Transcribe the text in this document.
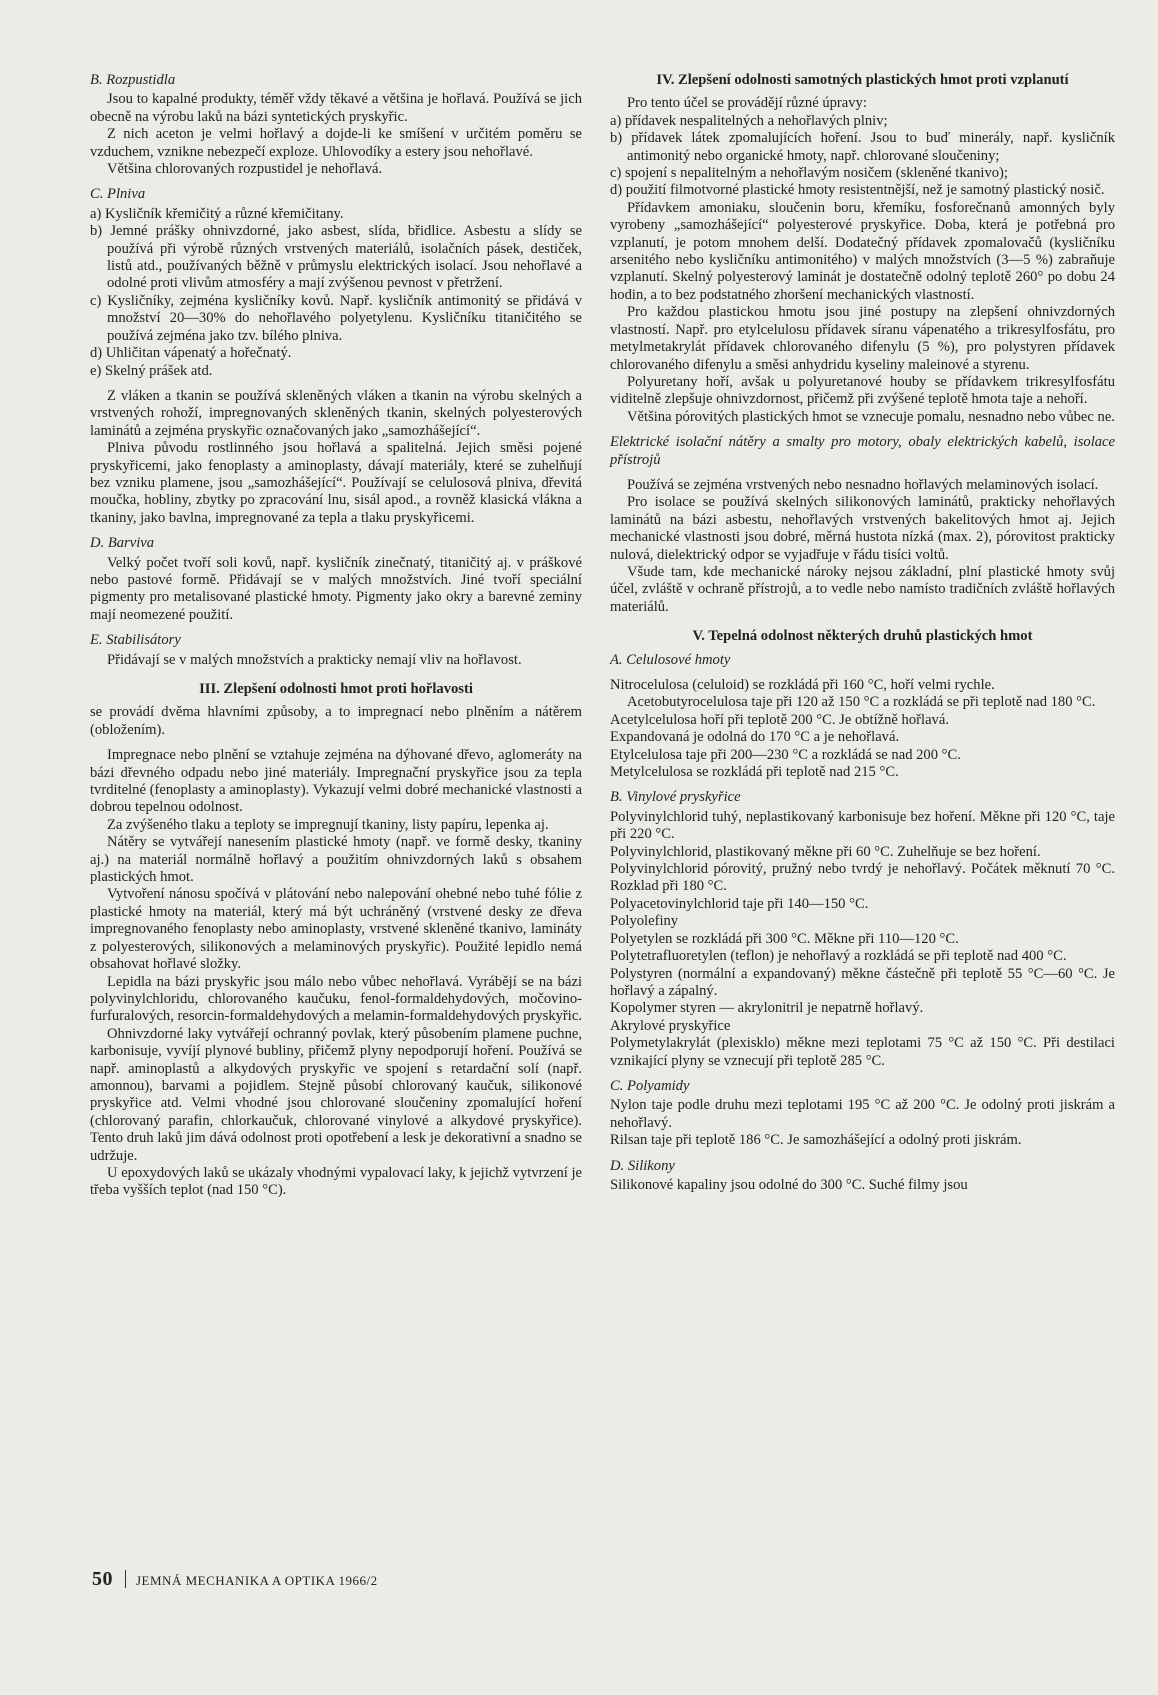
B. Rozpustidla

Jsou to kapalné produkty, téměř vždy těkavé a většina je hořlavá. Používá se jich obecně na výrobu laků na bázi syntetických pryskyřic.

Z nich aceton je velmi hořlavý a dojde-li ke smíšení v určitém poměru se vzduchem, vznikne nebezpečí exploze. Uhlovodíky a estery jsou nehořlavé.

Většina chlorovaných rozpustidel je nehořlavá.

C. Plniva

a) Kysličník křemičitý a různé křemičitany.

b) Jemné prášky ohnivzdorné, jako asbest, slída, břidlice. Asbestu a slídy se používá při výrobě různých vrstvených materiálů, isolačních pásek, destiček, listů atd., používaných běžně v průmyslu elektrických isolací. Jsou nehořlavé a odolné proti vlivům atmosféry a mají zvýšenou pevnost v přetržení.

c) Kysličníky, zejména kysličníky kovů. Např. kysličník antimonitý se přidává v množství 20—30% do nehořlavého polyetylenu. Kysličníku titaničitého se používá zejména jako tzv. bílého plniva.

d) Uhličitan vápenatý a hořečnatý.

e) Skelný prášek atd.

Z vláken a tkanin se používá skleněných vláken a tkanin na výrobu skelných a vrstvených rohoží, impregnovaných skleněných tkanin, skelných polyesterových laminátů a zejména pryskyřic označovaných jako „samozhášející“.

Plniva původu rostlinného jsou hořlavá a spalitelná. Jejich směsi pojené pryskyřicemi, jako fenoplasty a aminoplasty, dávají materiály, které se zuhelňují bez vzniku plamene, jsou „samozhášející“. Používají se celulosová plniva, dřevitá moučka, hobliny, zbytky po zpracování lnu, sisál apod., a rovněž klasická vlákna a tkaniny, jako bavlna, impregnované za tepla a tlaku pryskyřicemi.

D. Barviva

Velký počet tvoří soli kovů, např. kysličník zinečnatý, titaničitý aj. v práškové nebo pastové formě. Přidávají se v malých množstvích. Jiné tvoří speciální pigmenty pro metalisované plastické hmoty. Pigmenty jako okry a barevné zeminy mají neomezené použití.

E. Stabilisátory

Přidávají se v malých množstvích a prakticky nemají vliv na hořlavost.

III. Zlepšení odolnosti hmot proti hořlavosti

se provádí dvěma hlavními způsoby, a to impregnací nebo plněním a nátěrem (obložením).

Impregnace nebo plnění se vztahuje zejména na dýhované dřevo, aglomeráty na bázi dřevného odpadu nebo jiné materiály. Impregnační pryskyřice jsou za tepla tvrditelné (fenoplasty a aminoplasty). Vykazují velmi dobré mechanické vlastnosti a dobrou tepelnou odolnost.

Za zvýšeného tlaku a teploty se impregnují tkaniny, listy papíru, lepenka aj.

Nátěry se vytvářejí nanesením plastické hmoty (např. ve formě desky, tkaniny aj.) na materiál normálně hořlavý a použitím ohnivzdorných laků s obsahem plastických hmot.

Vytvoření nánosu spočívá v plátování nebo nalepování ohebné nebo tuhé fólie z plastické hmoty na materiál, který má být uchráněný (vrstvené desky ze dřeva impregnovaného fenoplasty nebo aminoplasty, vrstvené skleněné tkanivo, lamináty z polyesterových, silikonových a melaminových pryskyřic). Použité lepidlo nemá obsahovat hořlavé složky.

Lepidla na bázi pryskyřic jsou málo nebo vůbec nehořlavá. Vyrábějí se na bázi polyvinylchloridu, chlorovaného kaučuku, fenol-formaldehydových, močovino-furfuralových, resorcin-formaldehydových a melamin-formaldehydových pryskyřic.

Ohnivzdorné laky vytvářejí ochranný povlak, který působením plamene puchne, karbonisuje, vyvíjí plynové bubliny, přičemž plyny nepodporují hoření. Používá se např. aminoplastů a alkydových pryskyřic ve spojení s retardační solí (např. amonnou), barvami a pojidlem. Stejně působí chlorovaný kaučuk, silikonové pryskyřice atd. Velmi vhodné jsou chlorované sloučeniny zpomalující hoření (chlorovaný parafin, chlorkaučuk, chlorované vinylové a alkydové pryskyřice). Tento druh laků jim dává odolnost proti opotřebení a lesk je dekorativní a snadno se udržuje.

U epoxydových laků se ukázaly vhodnými vypalovací laky, k jejichž vytvrzení je třeba vyšších teplot (nad 150 °C).

IV. Zlepšení odolnosti samotných plastických hmot proti vzplanutí

Pro tento účel se provádějí různé úpravy:

a) přídavek nespalitelných a nehořlavých plniv;

b) přídavek látek zpomalujících hoření. Jsou to buď minerály, např. kysličník antimonitý nebo organické hmoty, např. chlorované sloučeniny;

c) spojení s nepalitelným a nehořlavým nosičem (skleněné tkanivo);

d) použití filmotvorné plastické hmoty resistentnější, než je samotný plastický nosič.

Přídavkem amoniaku, sloučenin boru, křemíku, fosforečnanů amonných byly vyrobeny „samozhášející“ polyesterové pryskyřice. Doba, která je potřebná pro vzplanutí, je potom mnohem delší. Dodatečný přídavek zpomalovačů (kysličníku arsenitého nebo kysličníku antimonitého) v malých množstvích (3—5 %) zabraňuje vzplanutí. Skelný polyesterový laminát je dostatečně odolný teplotě 260° po dobu 24 hodin, a to bez podstatného zhoršení mechanických vlastností.

Pro každou plastickou hmotu jsou jiné postupy na zlepšení ohnivzdorných vlastností. Např. pro etylcelulosu přídavek síranu vápenatého a trikresylfosfátu, pro metylmetakrylát přídavek chlorovaného difenylu (5 %), pro polystyren přídavek chlorovaného difenylu a směsi anhydridu kyseliny maleinové a styrenu.

Polyuretany hoří, avšak u polyuretanové houby se přídavkem trikresylfosfátu viditelně zlepšuje ohnivzdornost, přičemž při zvýšené teplotě hmota taje a nehoří.

Většina pórovitých plastických hmot se vznecuje pomalu, nesnadno nebo vůbec ne.

Elektrické isolační nátěry a smalty pro motory, obaly elektrických kabelů, isolace přístrojů

Používá se zejména vrstvených nebo nesnadno hořlavých melaminových isolací.

Pro isolace se používá skelných silikonových laminátů, prakticky nehořlavých laminátů na bázi asbestu, nehořlavých vrstvených bakelitových hmot aj. Jejich mechanické vlastnosti jsou dobré, měrná hustota nízká (max. 2), pórovitost prakticky nulová, dielektrický odpor se vyjadřuje v řádu tisíci voltů.

Všude tam, kde mechanické nároky nejsou základní, plní plastické hmoty svůj účel, zvláště v ochraně přístrojů, a to vedle nebo namísto tradičních zvláště hořlavých materiálů.

V. Tepelná odolnost některých druhů plastických hmot

A. Celulosové hmoty

Nitrocelulosa (celuloid) se rozkládá při 160 °C, hoří velmi rychle.

Acetobutyrocelulosa taje při 120 až 150 °C a rozkládá se při teplotě nad 180 °C.

Acetylcelulosa hoří při teplotě 200 °C. Je obtížně hořlavá.

Expandovaná je odolná do 170 °C a je nehořlavá.

Etylcelulosa taje při 200—230 °C a rozkládá se nad 200 °C.

Metylcelulosa se rozkládá při teplotě nad 215 °C.

B. Vinylové pryskyřice

Polyvinylchlorid tuhý, neplastikovaný karbonisuje bez hoření. Měkne při 120 °C, taje při 220 °C.

Polyvinylchlorid, plastikovaný měkne při 60 °C. Zuhelňuje se bez hoření.

Polyvinylchlorid pórovitý, pružný nebo tvrdý je nehořlavý. Počátek měknutí 70 °C. Rozklad při 180 °C.

Polyacetovinylchlorid taje při 140—150 °C.

Polyolefiny

Polyetylen se rozkládá při 300 °C. Měkne při 110—120 °C.

Polytetrafluoretylen (teflon) je nehořlavý a rozkládá se při teplotě nad 400 °C.

Polystyren (normální a expandovaný) měkne částečně při teplotě 55 °C—60 °C. Je hořlavý a zápalný.

Kopolymer styren — akrylonitril je nepatrně hořlavý.

Akrylové pryskyřice

Polymetylakrylát (plexisklo) měkne mezi teplotami 75 °C až 150 °C. Při destilaci vznikající plyny se vznecují při teplotě 285 °C.

C. Polyamidy

Nylon taje podle druhu mezi teplotami 195 °C až 200 °C. Je odolný proti jiskrám a nehořlavý.

Rilsan taje při teplotě 186 °C. Je samozhášející a odolný proti jiskrám.

D. Silikony

Silikonové kapaliny jsou odolné do 300 °C. Suché filmy jsou

50 JEMNÁ MECHANIKA A OPTIKA 1966/2
